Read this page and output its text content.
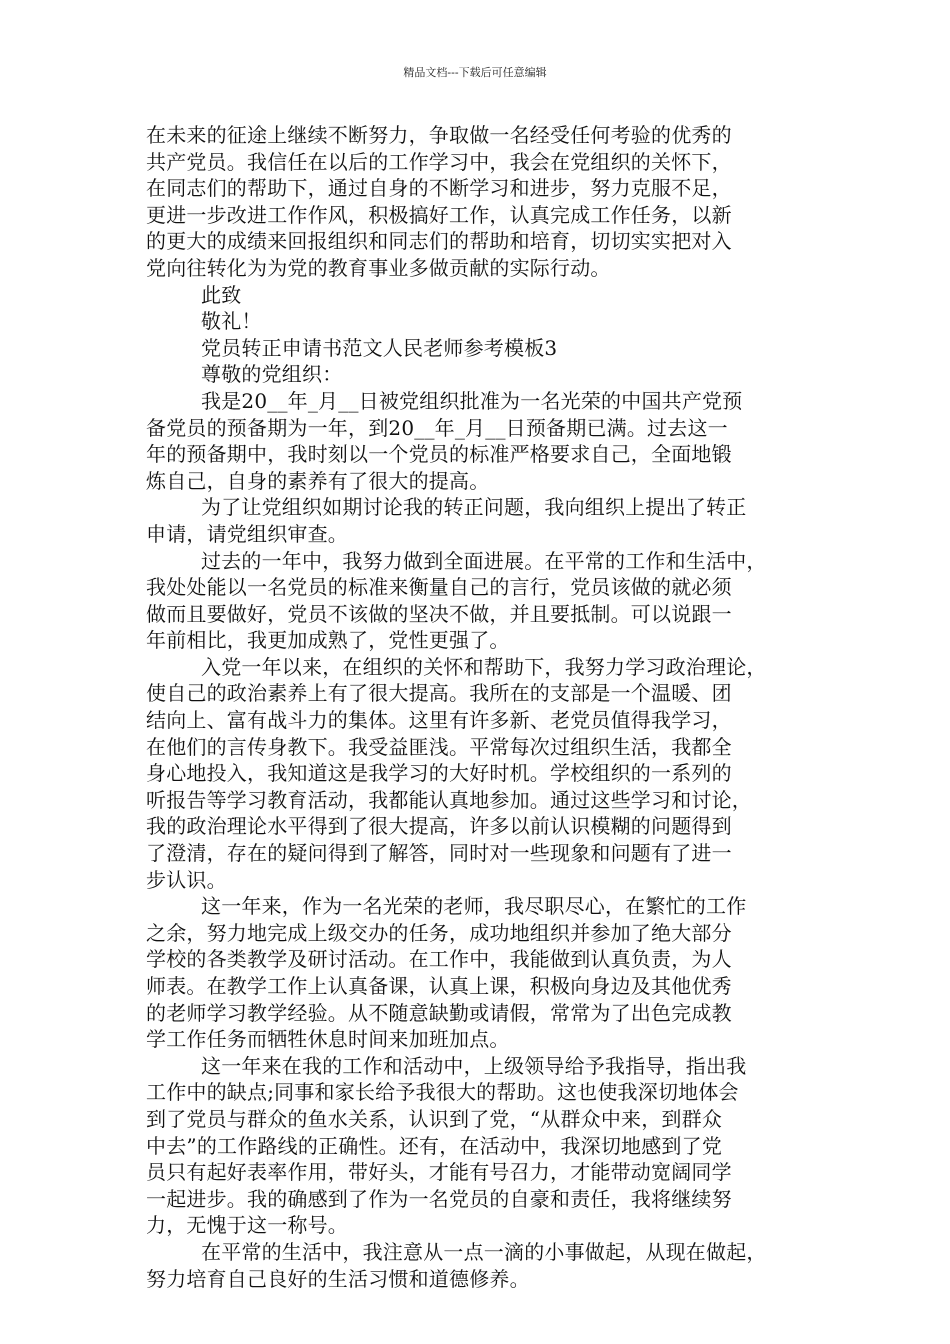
精品文档---下载后可任意编辑
在未来的征途上继续不断努力，争取做一名经受任何考验的优秀的
共产党员。我信任在以后的工作学习中，我会在党组织的关怀下，
在同志们的帮助下，通过自身的不断学习和进步，努力克服不足，
更进一步改进工作作风，积极搞好工作，认真完成工作任务，以新
的更大的成绩来回报组织和同志们的帮助和培育，切切实实把对入
党向往转化为为党的教育事业多做贡献的实际行动。
此致
敬礼！
党员转正申请书范文人民老师参考模板3
尊敬的党组织：
我是20__年_月__日被党组织批准为一名光荣的中国共产党预
备党员的预备期为一年，到20__年_月__日预备期已满。过去这一
年的预备期中，我时刻以一个党员的标准严格要求自己，全面地锻
炼自己，自身的素养有了很大的提高。
为了让党组织如期讨论我的转正问题，我向组织上提出了转正
申请，请党组织审查。
过去的一年中，我努力做到全面进展。在平常的工作和生活中，
我处处能以一名党员的标准来衡量自己的言行，党员该做的就必须
做而且要做好，党员不该做的坚决不做，并且要抵制。可以说跟一
年前相比，我更加成熟了，党性更强了。
入党一年以来，在组织的关怀和帮助下，我努力学习政治理论，
使自己的政治素养上有了很大提高。我所在的支部是一个温暖、团
结向上、富有战斗力的集体。这里有许多新、老党员值得我学习，
在他们的言传身教下。我受益匪浅。平常每次过组织生活，我都全
身心地投入，我知道这是我学习的大好时机。学校组织的一系列的
听报告等学习教育活动，我都能认真地参加。通过这些学习和讨论，
我的政治理论水平得到了很大提高，许多以前认识模糊的问题得到
了澄清，存在的疑问得到了解答，同时对一些现象和问题有了进一
步认识。
这一年来，作为一名光荣的老师，我尽职尽心，在繁忙的工作
之余，努力地完成上级交办的任务，成功地组织并参加了绝大部分
学校的各类教学及研讨活动。在工作中，我能做到认真负责，为人
师表。在教学工作上认真备课，认真上课，积极向身边及其他优秀
的老师学习教学经验。从不随意缺勤或请假，常常为了出色完成教
学工作任务而牺牲休息时间来加班加点。
这一年来在我的工作和活动中，上级领导给予我指导，指出我
工作中的缺点;同事和家长给予我很大的帮助。这也使我深切地体会
到了党员与群众的鱼水关系，认识到了党，“从群众中来，到群众
中去”的工作路线的正确性。还有，在活动中，我深切地感到了党
员只有起好表率作用，带好头，才能有号召力，才能带动宽阔同学
一起进步。我的确感到了作为一名党员的自豪和责任，我将继续努
力，无愧于这一称号。
在平常的生活中，我注意从一点一滴的小事做起，从现在做起，
努力培育自己良好的生活习惯和道德修养。
